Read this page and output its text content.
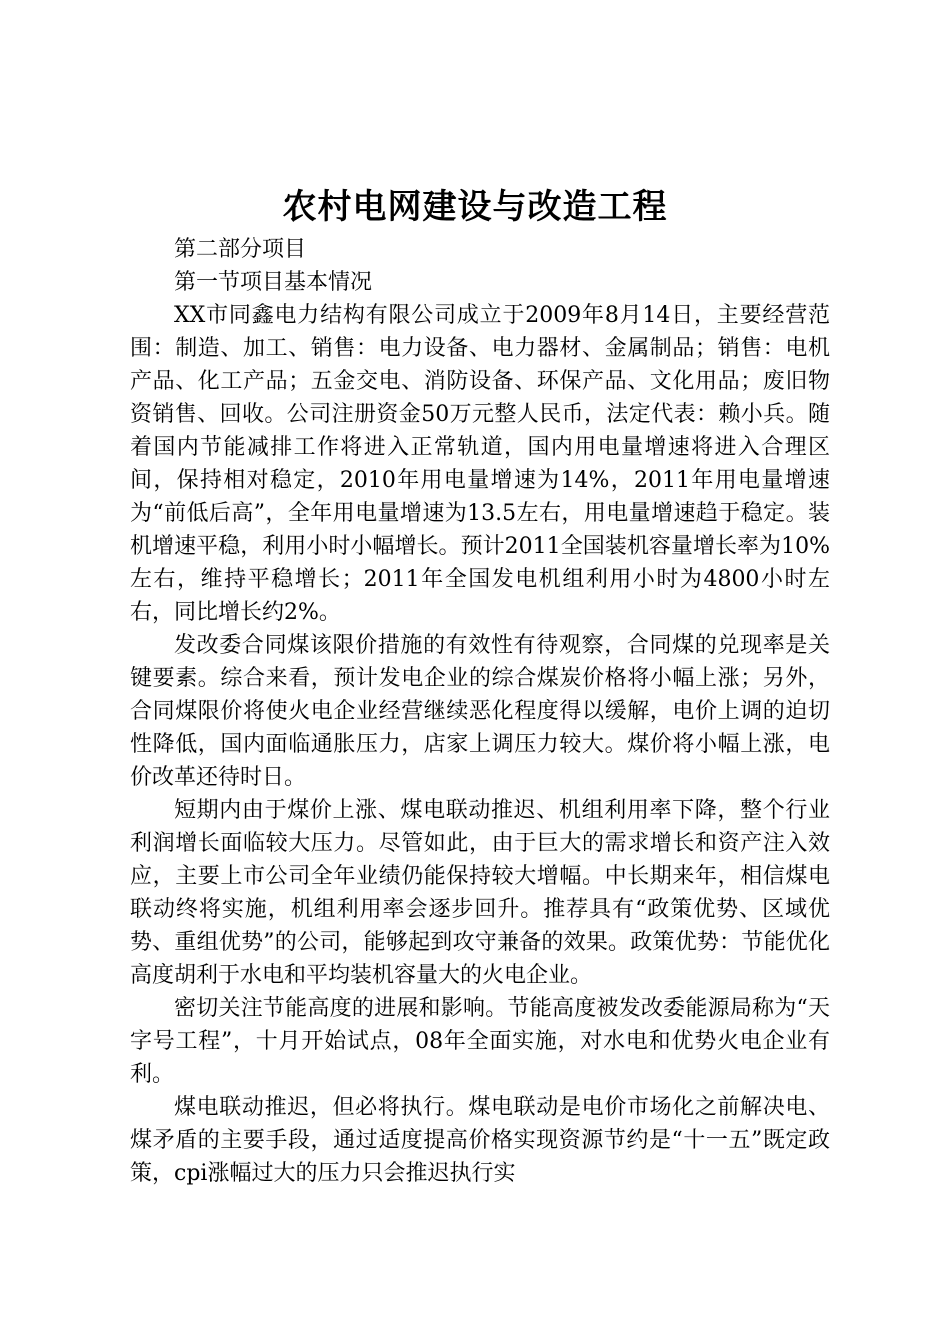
农村电网建设与改造工程

第二部分项目

第一节项目基本情况

XX市同鑫电力结构有限公司成立于2009年8月14日，主要经营范围：制造、加工、销售：电力设备、电力器材、金属制品；销售：电机产品、化工产品；五金交电、消防设备、环保产品、文化用品；废旧物资销售、回收。公司注册资金50万元整人民币，法定代表：赖小兵。随着国内节能减排工作将进入正常轨道，国内用电量增速将进入合理区间，保持相对稳定，2010年用电量增速为14%，2011年用电量增速为“前低后高”，全年用电量增速为13.5左右，用电量增速趋于稳定。装机增速平稳，利用小时小幅增长。预计2011全国装机容量增长率为10%左右，维持平稳增长；2011年全国发电机组利用小时为4800小时左右，同比增长约2%。

发改委合同煤该限价措施的有效性有待观察，合同煤的兑现率是关键要素。综合来看，预计发电企业的综合煤炭价格将小幅上涨；另外，合同煤限价将使火电企业经营继续恶化程度得以缓解，电价上调的迫切性降低，国内面临通胀压力，店家上调压力较大。煤价将小幅上涨，电价改革还待时日。

短期内由于煤价上涨、煤电联动推迟、机组利用率下降，整个行业利润增长面临较大压力。尽管如此，由于巨大的需求增长和资产注入效应，主要上市公司全年业绩仍能保持较大增幅。中长期来年，相信煤电联动终将实施，机组利用率会逐步回升。推荐具有“政策优势、区域优势、重组优势”的公司，能够起到攻守兼备的效果。政策优势：节能优化高度胡利于水电和平均装机容量大的火电企业。

密切关注节能高度的进展和影响。节能高度被发改委能源局称为“天字号工程”，十月开始试点，08年全面实施，对水电和优势火电企业有利。

煤电联动推迟，但必将执行。煤电联动是电价市场化之前解决电、煤矛盾的主要手段，通过适度提高价格实现资源节约是“十一五”既定政策，cpi涨幅过大的压力只会推迟执行实
